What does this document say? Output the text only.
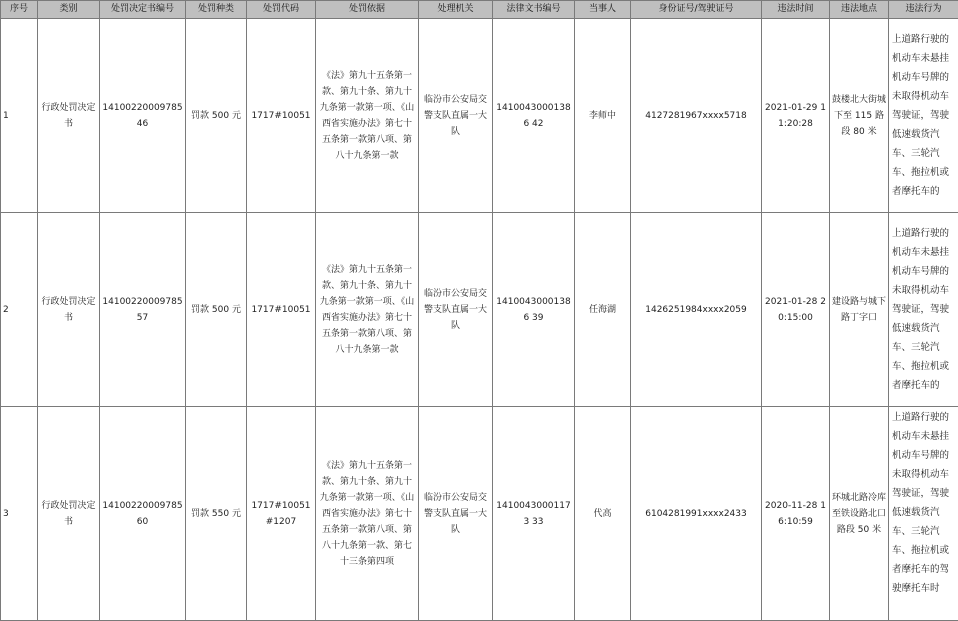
序号	类别	处罚决定书编号	处罚种类	处罚代码	处罚依据	处理机关	法律文书编号	当事人	身份证号/驾驶证号	违法时间	违法地点	违法行为
1	行政处罚决定书	14100220009785 46	罚款 500 元	1717#10051	《法》第九十五条第一款、第九十条、第九十九条第一款第一项、《山西省实施办法》第七十五条第一款第八项、第八十九条第一款	临汾市公安局交警支队直属一大队	14100430001386 42	李师中	4127281967xxxx5718	2021-01-29 11:20:28	鼓楼北大街城下至 115 路段 80 米	上道路行驶的机动车未悬挂机动车号牌的未取得机动车驾驶证，驾驶低速载货汽车、三轮汽车、拖拉机或者摩托车的
2	行政处罚决定书	14100220009785 57	罚款 500 元	1717#10051	《法》第九十五条第一款、第九十条、第九十九条第一款第一项、《山西省实施办法》第七十五条第一款第八项、第八十九条第一款	临汾市公安局交警支队直属一大队	14100430001386 39	任海湖	1426251984xxxx2059	2021-01-28 20:15:00	建设路与城下路丁字口	上道路行驶的机动车未悬挂机动车号牌的未取得机动车驾驶证，驾驶低速载货汽车、三轮汽车、拖拉机或者摩托车的
3	行政处罚决定书	14100220009785 60	罚款 550 元	1717#10051 #1207	《法》第九十五条第一款、第九十条、第九十九条第一款第一项、《山西省实施办法》第七十五条第一款第八项、第八十九条第一款、第七十三条第四项	临汾市公安局交警支队直属一大队	14100430001173 33	代高	6104281991xxxx2433	2020-11-28 16:10:59	环城北路冷库至铁设路北口路段 50 米	上道路行驶的机动车未悬挂机动车号牌的未取得机动车驾驶证，驾驶低速载货汽车、三轮汽车、拖拉机或者摩托车的驾驶摩托车时
